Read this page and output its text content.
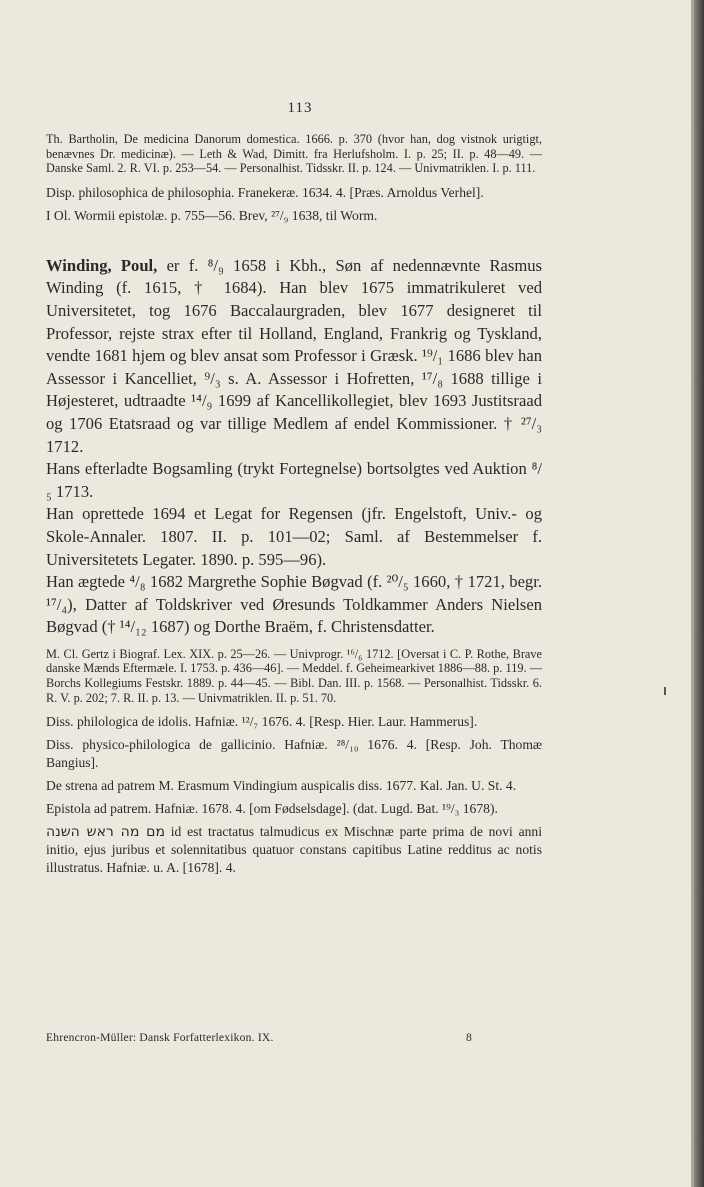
113

Th. Bartholin, De medicina Danorum domestica. 1666. p. 370 (hvor han, dog vistnok urigtigt, benævnes Dr. medicinæ). — Leth & Wad, Dimitt. fra Herlufsholm. I. p. 25; II. p. 48—49. — Danske Saml. 2. R. VI. p. 253—54. — Personalhist. Tidsskr. II. p. 124. — Univmatriklen. I. p. 111.

Disp. philosophica de philosophia. Franekeræ. 1634. 4. [Præs. Arnoldus Verhel].

I Ol. Wormii epistolæ. p. 755—56. Brev, ²⁷/₉ 1638, til Worm.

Winding, Poul, er f. ⁸/₉ 1658 i Kbh., Søn af nedennævnte Rasmus Winding (f. 1615, † 1684). Han blev 1675 immatrikuleret ved Universitetet, tog 1676 Baccalaurgraden, blev 1677 designeret til Professor, rejste strax efter til Holland, England, Frankrig og Tyskland, vendte 1681 hjem og blev ansat som Professor i Græsk. ¹⁹/₁ 1686 blev han Assessor i Kancelliet, ⁹/₃ s. A. Assessor i Hofretten, ¹⁷/₈ 1688 tillige i Højesteret, udtraadte ¹⁴/₉ 1699 af Kancellikollegiet, blev 1693 Justitsraad og 1706 Etatsraad og var tillige Medlem af endel Kommissioner. † ²⁷/₃ 1712.

Hans efterladte Bogsamling (trykt Fortegnelse) bortsolgtes ved Auktion ⁸/₅ 1713.

Han oprettede 1694 et Legat for Regensen (jfr. Engelstoft, Univ.- og Skole-Annaler. 1807. II. p. 101—02; Saml. af Bestemmelser f. Universitetets Legater. 1890. p. 595—96).

Han ægtede ⁴/₈ 1682 Margrethe Sophie Bøgvad (f. ²⁰/₅ 1660, † 1721, begr. ¹⁷/₄), Datter af Toldskriver ved Øresunds Toldkammer Anders Nielsen Bøgvad († ¹⁴/₁₂ 1687) og Dorthe Braëm, f. Christensdatter.

M. Cl. Gertz i Biograf. Lex. XIX. p. 25—26. — Univprogr. ¹⁶/₆ 1712. [Oversat i C. P. Rothe, Brave danske Mænds Eftermæle. I. 1753. p. 436—46]. — Meddel. f. Geheimearkivet 1886—88. p. 119. — Borchs Kollegiums Festskr. 1889. p. 44—45. — Bibl. Dan. III. p. 1568. — Personalhist. Tidsskr. 6. R. V. p. 202; 7. R. II. p. 13. — Univmatriklen. II. p. 51. 70.

Diss. philologica de idolis. Hafniæ. ¹²/₇ 1676. 4. [Resp. Hier. Laur. Hammerus].

Diss. physico-philologica de gallicinio. Hafniæ. ²⁸/₁₀ 1676. 4. [Resp. Joh. Thomæ Bangius].

De strena ad patrem M. Erasmum Vindingium auspicalis diss. 1677. Kal. Jan. U. St. 4.

Epistola ad patrem. Hafniæ. 1678. 4. [om Fødselsdage]. (dat. Lugd. Bat. ¹⁹/₃ 1678).

מם מה ראש השנה id est tractatus talmudicus ex Mischnæ parte prima de novi anni initio, ejus juribus et solennitatibus quatuor constans capitibus Latine redditus ac notis illustratus. Hafniæ. u. A. [1678]. 4.

Ehrencron-Müller: Dansk Forfatterlexikon. IX.	8
